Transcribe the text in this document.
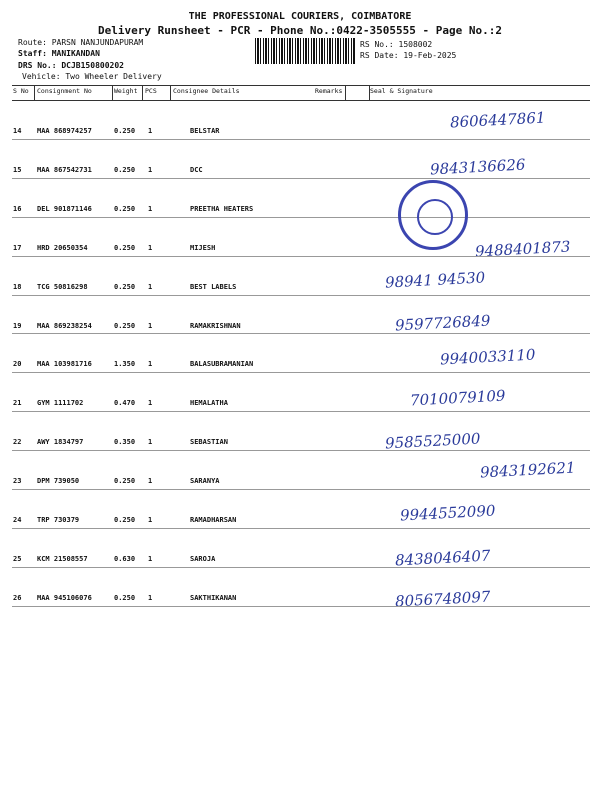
THE PROFESSIONAL COURIERS, COIMBATORE
Delivery Runsheet - PCR - Phone No.:0422-3505555 - Page No.:2
Route: PARSN NANJUNDAPURAM
Staff: MANIKANDAN
DRS No.: DCJB150800202
Vehicle: Two Wheeler Delivery
RS No.: 1508002
RS Date: 19-Feb-2025
S No Consignment No	Weight PCS	Consignee Details	Remarks	Seal & Signature
14 MAA 868974257	0.250 1	BELSTAR	8606447861
15 MAA 867542731	0.250 1	DCC	9843136626
16 DEL 901871146	0.250 1	PREETHA HEATERS
17 HRD 20650354	0.250 1	MIJESH	9488401873
18 TCG 50816298	0.250 1	BEST LABELS	98941 94530
19 MAA 869238254	0.250 1	RAMAKRISHNAN	9597726849
20 MAA 103981716	1.350 1	BALASUBRAMANIAN	9940033110
21 GYM 1111702	0.470 1	HEMALATHA	7010079109
22 AWY 1834797	0.350 1	SEBASTIAN	9585525000
23 DPM 739050	0.250 1	SARANYA	9843192621
24 TRP 730379	0.250 1	RAMADHARSAN	9944552090
25 KCM 21508557	0.630 1	SAROJA	8438046407
26 MAA 945106076	0.250 1	SAKTHIKANAN	8056748097
